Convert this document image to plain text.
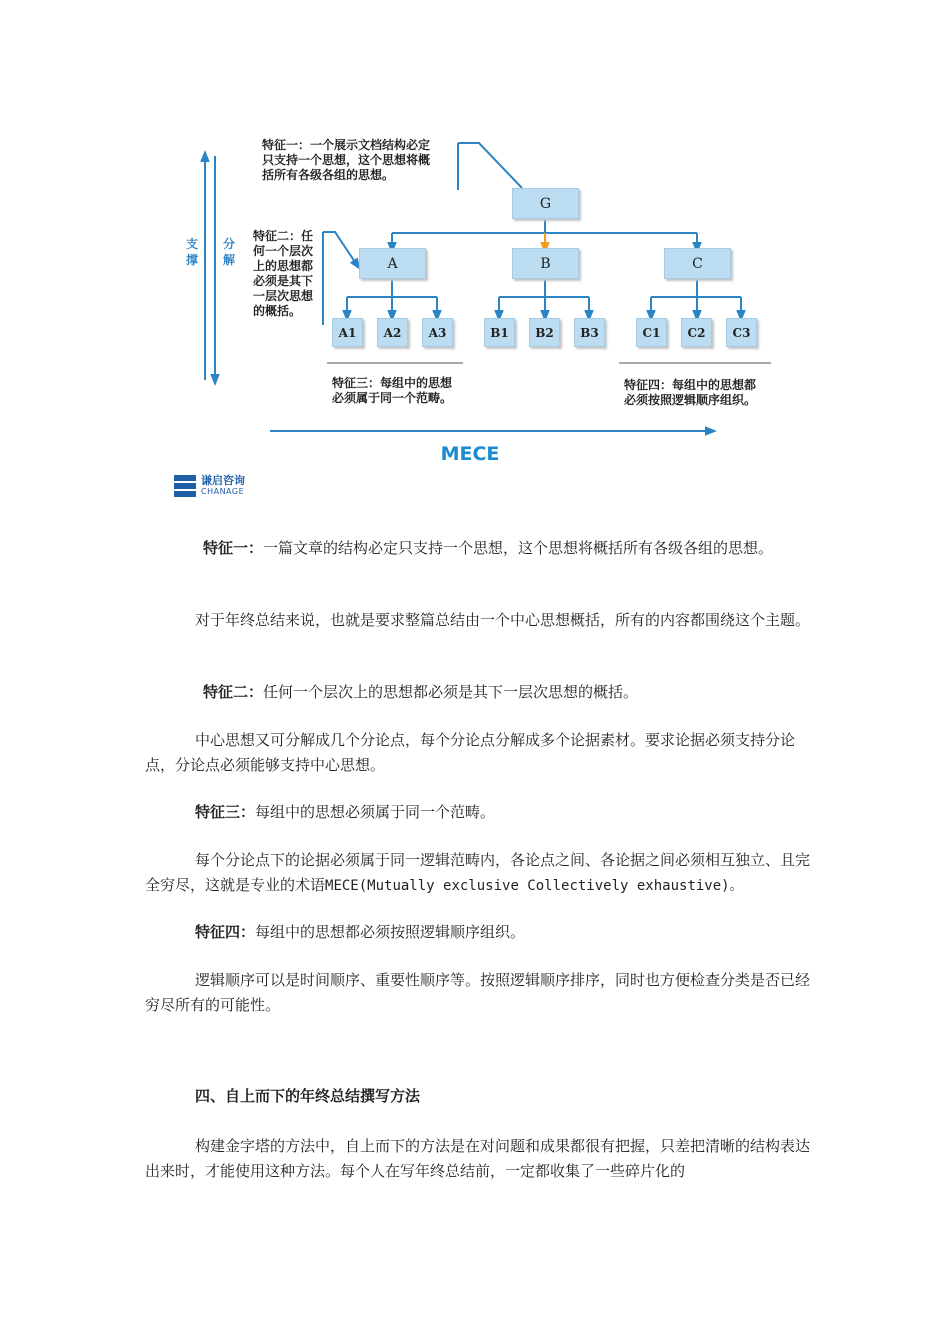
特征一：一个展示文档结构必定
只支持一个思想，这个思想将概
括所有各级各组的思想。
特征二：任
何一个层次
上的思想都
必须是其下
一层次思想
的概括。
特征三：每组中的思想
必须属于同一个范畴。
特征四：每组中的思想都
必须按照逻辑顺序组织。
支撑
分解
MECE
G
A	B	C
A1	A2	A3	B1	B2	B3	C1	C2	C3
谦启咨询
CHANAGE

特征一：一篇文章的结构必定只支持一个思想，这个思想将概括所有各级各组的思想。

对于年终总结来说，也就是要求整篇总结由一个中心思想概括，所有的内容都围绕这个主题。

特征二：任何一个层次上的思想都必须是其下一层次思想的概括。

中心思想又可分解成几个分论点，每个分论点分解成多个论据素材。要求论据必须支持分论点，分论点必须能够支持中心思想。

特征三：每组中的思想必须属于同一个范畴。

每个分论点下的论据必须属于同一逻辑范畴内，各论点之间、各论据之间必须相互独立、且完全穷尽，这就是专业的术语MECE(Mutually exclusive Collectively exhaustive)。

特征四：每组中的思想都必须按照逻辑顺序组织。

逻辑顺序可以是时间顺序、重要性顺序等。按照逻辑顺序排序，同时也方便检查分类是否已经穷尽所有的可能性。

四、自上而下的年终总结撰写方法

构建金字塔的方法中，自上而下的方法是在对问题和成果都很有把握，只差把清晰的结构表达出来时，才能使用这种方法。每个人在写年终总结前，一定都收集了一些碎片化的
